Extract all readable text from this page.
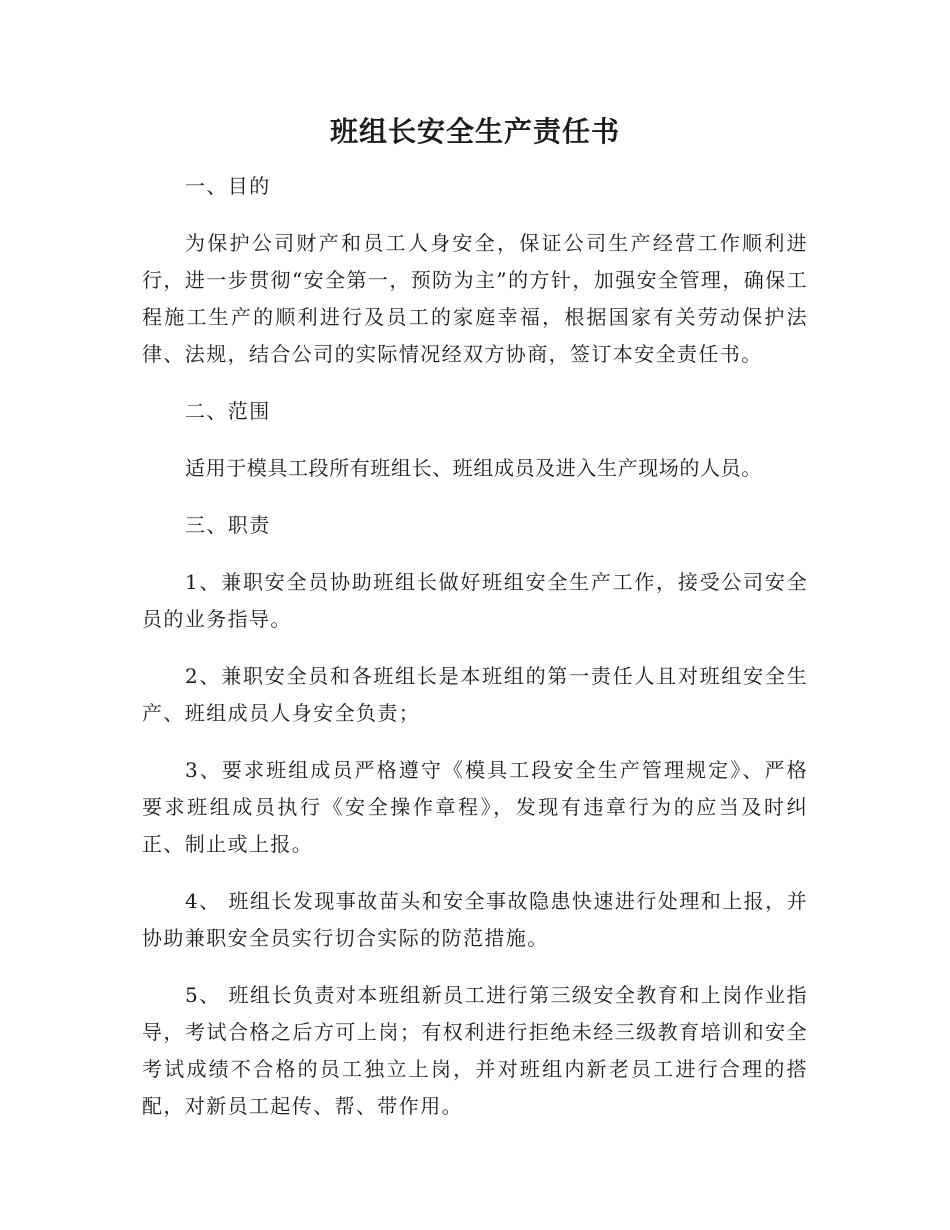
班组长安全生产责任书

一、目的

为保护公司财产和员工人身安全，保证公司生产经营工作顺利进行，进一步贯彻“安全第一，预防为主”的方针，加强安全管理，确保工程施工生产的顺利进行及员工的家庭幸福，根据国家有关劳动保护法律、法规，结合公司的实际情况经双方协商，签订本安全责任书。

二、范围

适用于模具工段所有班组长、班组成员及进入生产现场的人员。

三、职责

1、兼职安全员协助班组长做好班组安全生产工作，接受公司安全员的业务指导。

2、兼职安全员和各班组长是本班组的第一责任人且对班组安全生产、班组成员人身安全负责；

3、要求班组成员严格遵守《模具工段安全生产管理规定》、严格要求班组成员执行《安全操作章程》，发现有违章行为的应当及时纠正、制止或上报。

4、 班组长发现事故苗头和安全事故隐患快速进行处理和上报，并协助兼职安全员实行切合实际的防范措施。

5、 班组长负责对本班组新员工进行第三级安全教育和上岗作业指导，考试合格之后方可上岗；有权利进行拒绝未经三级教育培训和安全考试成绩不合格的员工独立上岗，并对班组内新老员工进行合理的搭配，对新员工起传、帮、带作用。
